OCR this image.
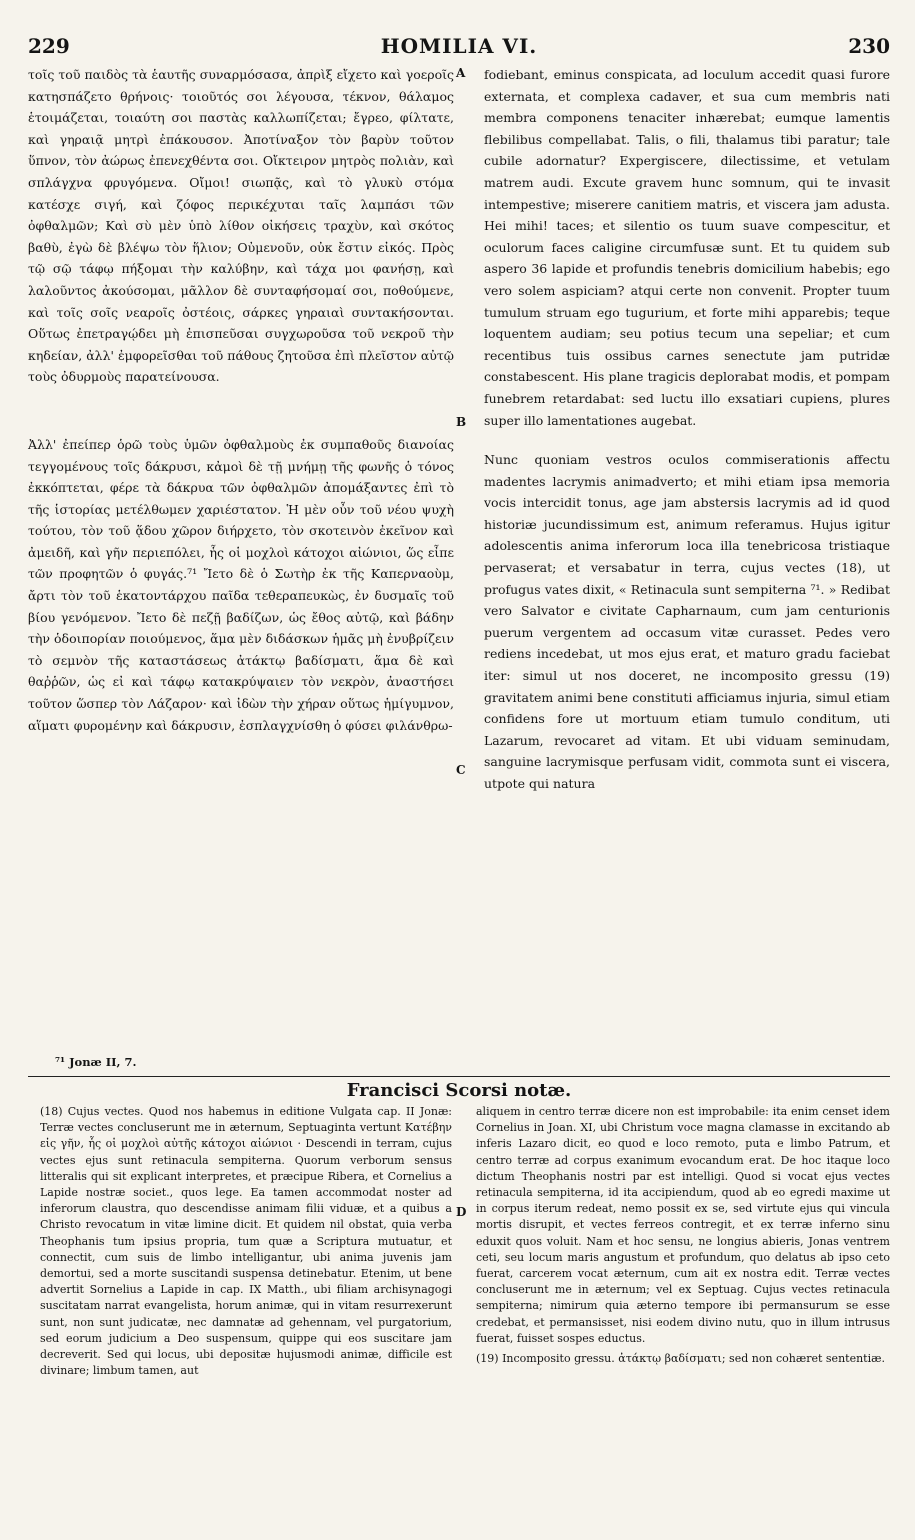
229	HOMILIA VI.	230

τοῖς τοῦ παιδὸς τὰ ἑαυτῆς συναρμόσασα, ἀπρὶξ εἴχετο καὶ γοεροῖς κατησπάζετο θρήνοις· τοιοῦτός σοι λέγουσα, τέκνον, θάλαμος ἑτοιμάζεται, τοιαύτη σοι παστὰς καλλωπίζεται; ἔγρεο, φίλτατε, καὶ γηραιᾷ μητρὶ ἐπάκουσον. Ἀποτίναξον τὸν βαρὺν τοῦτον ὕπνον, τὸν ἀώρως ἐπενεχθέντα σοι. Οἴκτειρον μητρὸς πολιὰν, καὶ σπλάγχνα φρυγόμενα. Οἴμοι! σιωπᾷς, καὶ τὸ γλυκὺ στόμα κατέσχε σιγή, καὶ ζόφος περικέχυται ταῖς λαμπάσι τῶν ὀφθαλμῶν; Καὶ σὺ μὲν ὑπὸ λίθον οἰκήσεις τραχὺν, καὶ σκότος βαθὺ, ἐγὼ δὲ βλέψω τὸν ἥλιον; Οὐμενοῦν, οὐκ ἔστιν εἰκός. Πρὸς τῷ σῷ τάφῳ πήξομαι τὴν καλύβην, καὶ τάχα μοι φανήσῃ, καὶ λαλοῦντος ἀκούσομαι, μᾶλλον δὲ συνταφήσομαί σοι, ποθούμενε, καὶ τοῖς σοῖς νεαροῖς ὀστέοις, σάρκες γηραιαὶ συντακήσονται. Οὕτως ἐπετραγῴδει μὴ ἐπισπεῦσαι συγχωροῦσα τοῦ νεκροῦ τὴν κηδείαν, ἀλλ' ἐμφορεῖσθαι τοῦ πάθους ζητοῦσα ἐπὶ πλεῖστον αὐτῷ τοὺς ὀδυρμοὺς παρατείνουσα.

Ἀλλ' ἐπείπερ ὁρῶ τοὺς ὑμῶν ὀφθαλμοὺς ἐκ συμπαθοῦς διανοίας τεγγομένους τοῖς δάκρυσι, κἀμοὶ δὲ τῇ μνήμῃ τῆς φωνῆς ὁ τόνος ἐκκόπτεται, φέρε τὰ δάκρυα τῶν ὀφθαλμῶν ἀπομάξαντες ἐπὶ τὸ τῆς ἱστορίας μετέλθωμεν χαριέστατον. Ἡ μὲν οὖν τοῦ νέου ψυχὴ τούτου, τὸν τοῦ ᾅδου χῶρον διήρχετο, τὸν σκοτεινὸν ἐκεῖνον καὶ ἀμειδῆ, καὶ γῆν περιεπόλει, ἧς οἱ μοχλοὶ κάτοχοι αἰώνιοι, ὥς εἶπε τῶν προφητῶν ὁ φυγάς.⁷¹ Ἴετο δὲ ὁ Σωτὴρ ἐκ τῆς Καπερναοὺμ, ἄρτι τὸν τοῦ ἑκατοντάρχου παῖδα τεθεραπευκὼς, ἐν δυσμαῖς τοῦ βίου γενόμενον. Ἴετο δὲ πεζῇ βαδίζων, ὡς ἔθος αὐτῷ, καὶ βάδην τὴν ὁδοιπορίαν ποιούμενος, ἅμα μὲν διδάσκων ἡμᾶς μὴ ἐνυβρίζειν τὸ σεμνὸν τῆς καταστάσεως ἀτάκτῳ βαδίσματι, ἅμα δὲ καὶ θαῤῥῶν, ὡς εἰ καὶ τάφῳ κατακρύψαιεν τὸν νεκρὸν, ἀναστήσει τοῦτον ὥσπερ τὸν Λάζαρον· καὶ ἰδὼν τὴν χήραν οὕτως ἡμίγυμνον, αἵματι φυρομένην καὶ δάκρυσιν, ἐσπλαγχνίσθη ὁ φύσει φιλάνθρω-

A
B
C
D

fodiebant, eminus conspicata, ad loculum accedit quasi furore externata, et complexa cadaver, et sua cum membris nati membra componens tenaciter inhærebat; eumque lamentis flebilibus compellabat. Talis, o fili, thalamus tibi paratur; tale cubile adornatur? Expergiscere, dilectissime, et vetulam matrem audi. Excute gravem hunc somnum, qui te invasit intempestive; miserere canitiem matris, et viscera jam adusta. Hei mihi! taces; et silentio os tuum suave compescitur, et oculorum faces caligine circumfusæ sunt. Et tu quidem sub aspero 36 lapide et profundis tenebris domicilium habebis; ego vero solem aspiciam? atqui certe non convenit. Propter tuum tumulum struam ego tugurium, et forte mihi apparebis; teque loquentem audiam; seu potius tecum una sepeliar; et cum recentibus tuis ossibus carnes senectute jam putridæ constabescent. His plane tragicis deplorabat modis, et pompam funebrem retardabat: sed luctu illo exsatiari cupiens, plures super illo lamentationes augebat.

Nunc quoniam vestros oculos commiserationis affectu madentes lacrymis animadverto; et mihi etiam ipsa memoria vocis intercidit tonus, age jam abstersis lacrymis ad id quod historiæ jucundissimum est, animum referamus. Hujus igitur adolescentis anima inferorum loca illa tenebricosa tristiaque pervaserat; et versabatur in terra, cujus vectes (18), ut profugus vates dixit, « Retinacula sunt sempiterna ⁷¹. » Redibat vero Salvator e civitate Capharnaum, cum jam centurionis puerum vergentem ad occasum vitæ curasset. Pedes vero rediens incedebat, ut mos ejus erat, et maturo gradu faciebat iter: simul ut nos doceret, ne incomposito gressu (19) gravitatem animi bene constituti afficiamus injuria, simul etiam confidens fore ut mortuum etiam tumulo conditum, uti Lazarum, revocaret ad vitam. Et ubi viduam seminudam, sanguine lacrymisque perfusam vidit, commota sunt ei viscera, utpote qui natura

⁷¹ Jonæ II, 7.
Francisci Scorsi notæ.

(18) Cujus vectes. Quod nos habemus in editione Vulgata cap. II Jonæ: Terræ vectes concluserunt me in æternum, Septuaginta vertunt Κατέβην εἰς γῆν, ἧς οἱ μοχλοὶ αὐτῆς κάτοχοι αἰώνιοι · Descendi in terram, cujus vectes ejus sunt retinacula sempiterna. Quorum verborum sensus litteralis qui sit explicant interpretes, et præcipue Ribera, et Cornelius a Lapide nostræ societ., quos lege. Ea tamen accommodat noster ad inferorum claustra, quo descendisse animam filii viduæ, et a quibus a Christo revocatum in vitæ limine dicit. Et quidem nil obstat, quia verba Theophanis tum ipsius propria, tum quæ a Scriptura mutuatur, et connectit, cum suis de limbo intelligantur, ubi anima juvenis jam demortui, sed a morte suscitandi suspensa detinebatur. Etenim, ut bene advertit Sornelius a Lapide in cap. IX Matth., ubi filiam archisynagogi suscitatam narrat evangelista, horum animæ, qui in vitam resurrexerunt sunt, non sunt judicatæ, nec damnatæ ad gehennam, vel purgatorium, sed eorum judicium a Deo suspensum, quippe qui eos suscitare jam decreverit. Sed qui locus, ubi depositæ hujusmodi animæ, difficile est divinare; limbum tamen, aut

aliquem in centro terræ dicere non est improbabile: ita enim censet idem Cornelius in Joan. XI, ubi Christum voce magna clamasse in excitando ab inferis Lazaro dicit, eo quod e loco remoto, puta e limbo Patrum, et centro terræ ad corpus exanimum evocandum erat. De hoc itaque loco dictum Theophanis nostri par est intelligi. Quod si vocat ejus vectes retinacula sempiterna, id ita accipiendum, quod ab eo egredi maxime ut in corpus iterum redeat, nemo possit ex se, sed virtute ejus qui vincula mortis disrupit, et vectes ferreos contregit, et ex terræ inferno sinu eduxit quos voluit. Nam et hoc sensu, ne longius abieris, Jonas ventrem ceti, seu locum maris angustum et profundum, quo delatus ab ipso ceto fuerat, carcerem vocat æternum, cum ait ex nostra edit. Terræ vectes concluserunt me in æternum; vel ex Septuag. Cujus vectes retinacula sempiterna; nimirum quia æterno tempore ibi permansurum se esse credebat, et permansisset, nisi eodem divino nutu, quo in illum intrusus fuerat, fuisset sospes eductus.

(19) Incomposito gressu. ἀτάκτῳ βαδίσματι; sed non cohæret sententiæ.
